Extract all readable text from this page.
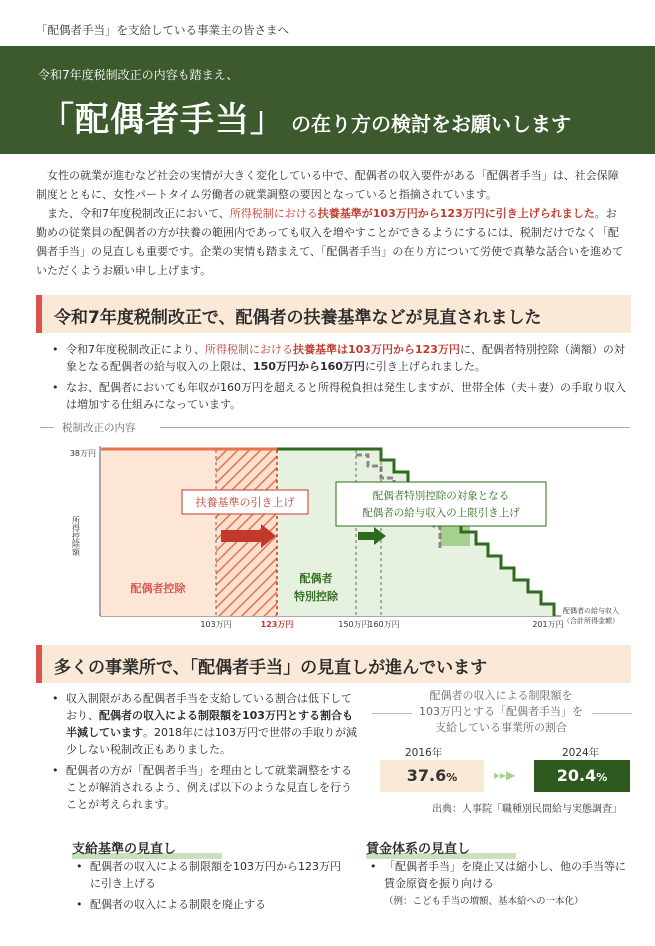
「配偶者手当」を支給している事業主の皆さまへ
令和7年度税制改正の内容も踏まえ、
「配偶者手当」 の在り方の検討をお願いします

女性の就業が進むなど社会の実情が大きく変化している中で、配偶者の収入要件がある「配偶者手当」は、社会保障制度とともに、女性パートタイム労働者の就業調整の要因となっていると指摘されています。

また、令和7年度税制改正において、所得税制における扶養基準が103万円から123万円に引き上げられました。お勤めの従業員の配偶者の方が扶養の範囲内であっても収入を増やすことができるようにするには、税制だけでなく「配偶者手当」の見直しも重要です。企業の実情も踏まえて、「配偶者手当」の在り方について労使で真摯な話合いを進めていただくようお願い申し上げます。

令和7年度税制改正で、配偶者の扶養基準などが見直されました
• 令和7年度税制改正により、所得税制における扶養基準は103万円から123万円に、配偶者特別控除（満額）の対象となる配偶者の給与収入の上限は、150万円から160万円に引き上げられました。
• なお、配偶者においても年収が160万円を超えると所得税負担は発生しますが、世帯全体（夫＋妻）の手取り収入は増加する仕組みになっています。
税制改正の内容
38万円
所得控除額
103万円	123万円	150万円
160万円	201万円
配偶者控除
配偶者
特別控除
扶養基準の引き上げ	配偶者特別控除の対象となる
配偶者の給与収入の上限引き上げ
配偶者の給与収入
（合計所得金額）
多くの事業所で、「配偶者手当」の見直しが進んでいます
• 収入制限がある配偶者手当を支給している割合は低下しており、配偶者の収入による制限額を103万円とする割合も半減しています。2018年には103万円で世帯の手取りが減少しない税制改正もありました。
• 配偶者の方が「配偶者手当」を理由として就業調整をすることが解消されるよう、例えば以下のような見直しを行うことが考えられます。
配偶者の収入による制限額を
103万円とする「配偶者手当」を
支給している事業所の割合
2016年	2024年
37.6%	▸▸▶	20.4%
出典：人事院「職種別民間給与実態調査」
支給基準の見直し
• 配偶者の収入による制限額を103万円から123万円に引き上げる
• 配偶者の収入による制限を廃止する
賃金体系の見直し
• 「配偶者手当」を廃止又は縮小し、他の手当等に賃金原資を振り向ける
（例：こども手当の増額、基本給への一本化）
